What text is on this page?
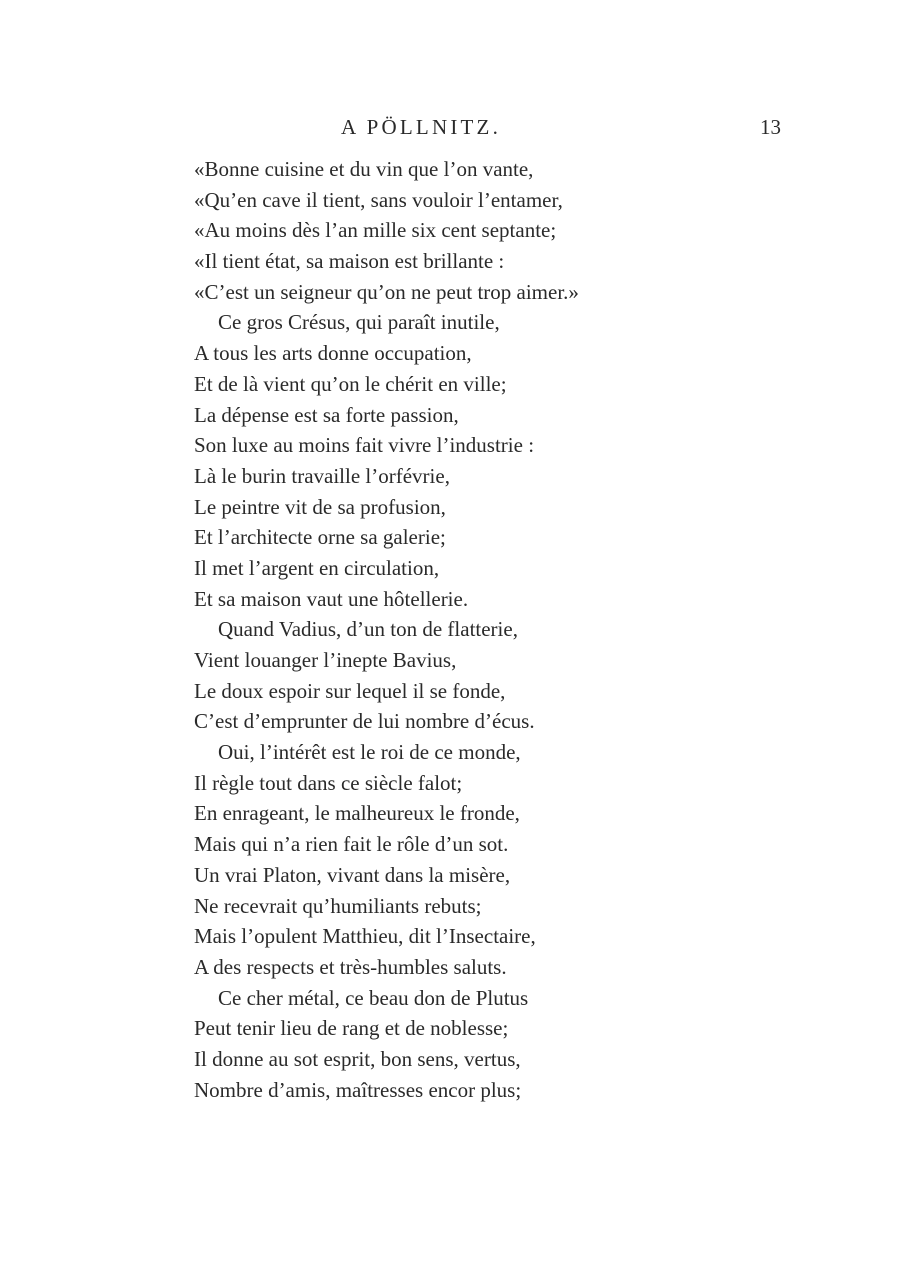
A PÖLLNITZ.	13
«Bonne cuisine et du vin que l’on vante,
«Qu’en cave il tient, sans vouloir l’entamer,
«Au moins dès l’an mille six cent septante;
«Il tient état, sa maison est brillante :
«C’est un seigneur qu’on ne peut trop aimer.»
Ce gros Crésus, qui paraît inutile,
A tous les arts donne occupation,
Et de là vient qu’on le chérit en ville;
La dépense est sa forte passion,
Son luxe au moins fait vivre l’industrie :
Là le burin travaille l’orfévrie,
Le peintre vit de sa profusion,
Et l’architecte orne sa galerie;
Il met l’argent en circulation,
Et sa maison vaut une hôtellerie.
Quand Vadius, d’un ton de flatterie,
Vient louanger l’inepte Bavius,
Le doux espoir sur lequel il se fonde,
C’est d’emprunter de lui nombre d’écus.
Oui, l’intérêt est le roi de ce monde,
Il règle tout dans ce siècle falot;
En enrageant, le malheureux le fronde,
Mais qui n’a rien fait le rôle d’un sot.
Un vrai Platon, vivant dans la misère,
Ne recevrait qu’humiliants rebuts;
Mais l’opulent Matthieu, dit l’Insectaire,
A des respects et très-humbles saluts.
Ce cher métal, ce beau don de Plutus
Peut tenir lieu de rang et de noblesse;
Il donne au sot esprit, bon sens, vertus,
Nombre d’amis, maîtresses encor plus;
